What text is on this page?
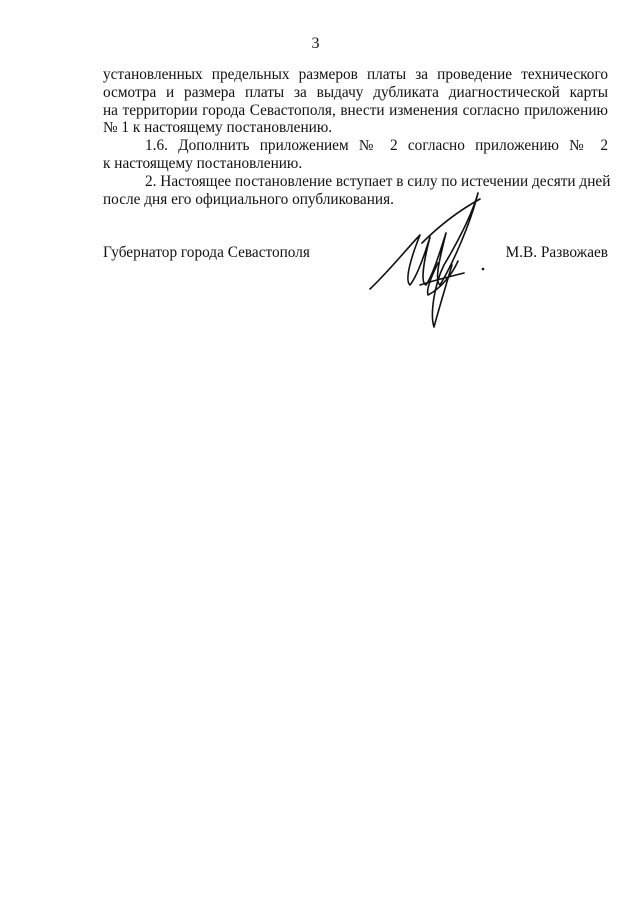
3
установленных предельных размеров платы за проведение технического
осмотра и размера платы за выдачу дубликата диагностической карты
на территории города Севастополя, внести изменения согласно приложению
№ 1 к настоящему постановлению.
1.6. Дополнить приложением № 2 согласно приложению № 2
к настоящему постановлению.
2. Настоящее постановление вступает в силу по истечении десяти дней
после дня его официального опубликования.
Губернатор города Севастополя	М.В. Развожаев
